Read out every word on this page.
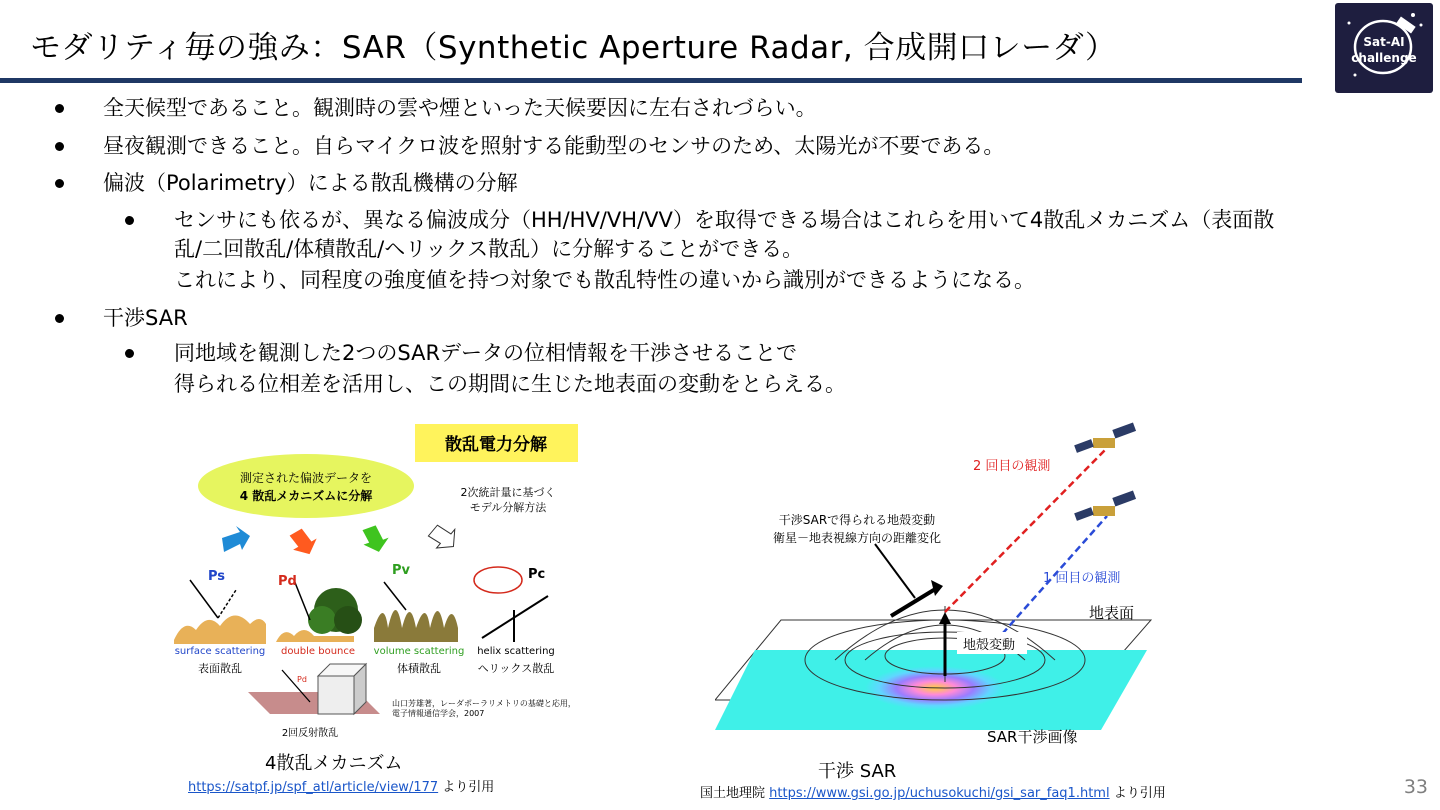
モダリティ毎の強み：SAR（Synthetic Aperture Radar, 合成開口レーダ）	Sat-AI
challenge
全天候型であること。観測時の雲や煙といった天候要因に左右されづらい。
昼夜観測できること。自らマイクロ波を照射する能動型のセンサのため、太陽光が不要である。
偏波（Polarimetry）による散乱機構の分解
センサにも依るが、異なる偏波成分（HH/HV/VH/VV）を取得できる場合はこれらを用いて4散乱メカニズム（表面散
乱/二回散乱/体積散乱/ヘリックス散乱）に分解することができる。
これにより、同程度の強度値を持つ対象でも散乱特性の違いから識別ができるようになる。
干渉SAR
同地域を観測した2つのSARデータの位相情報を干渉させることで
得られる位相差を活用し、この期間に生じた地表面の変動をとらえる。
散乱電力分解
測定された偏波データを
4 散乱メカニズムに分解	2次統計量に基づく
モデル分解方法
Ps	Pd
Pv	Pc
surface scattering
表面散乱
double bounce volume scattering
体積散乱
helix scattering
ヘリックス散乱
Pd
2回反射散乱
山口芳雄著，レーダポーラリメトリの基礎と応用，
電子情報通信学会，2007
4散乱メカニズム
https://satpf.jp/spf_atl/article/view/177 より引用
2 回目の観測
1 回目の観測
干渉SARで得られる地殻変動
衛星－地表視線方向の距離変化
地表面
地殻変動
SAR干渉画像
干渉 SAR
国土地理院 https://www.gsi.go.jp/uchusokuchi/gsi_sar_faq1.html より引用	33
